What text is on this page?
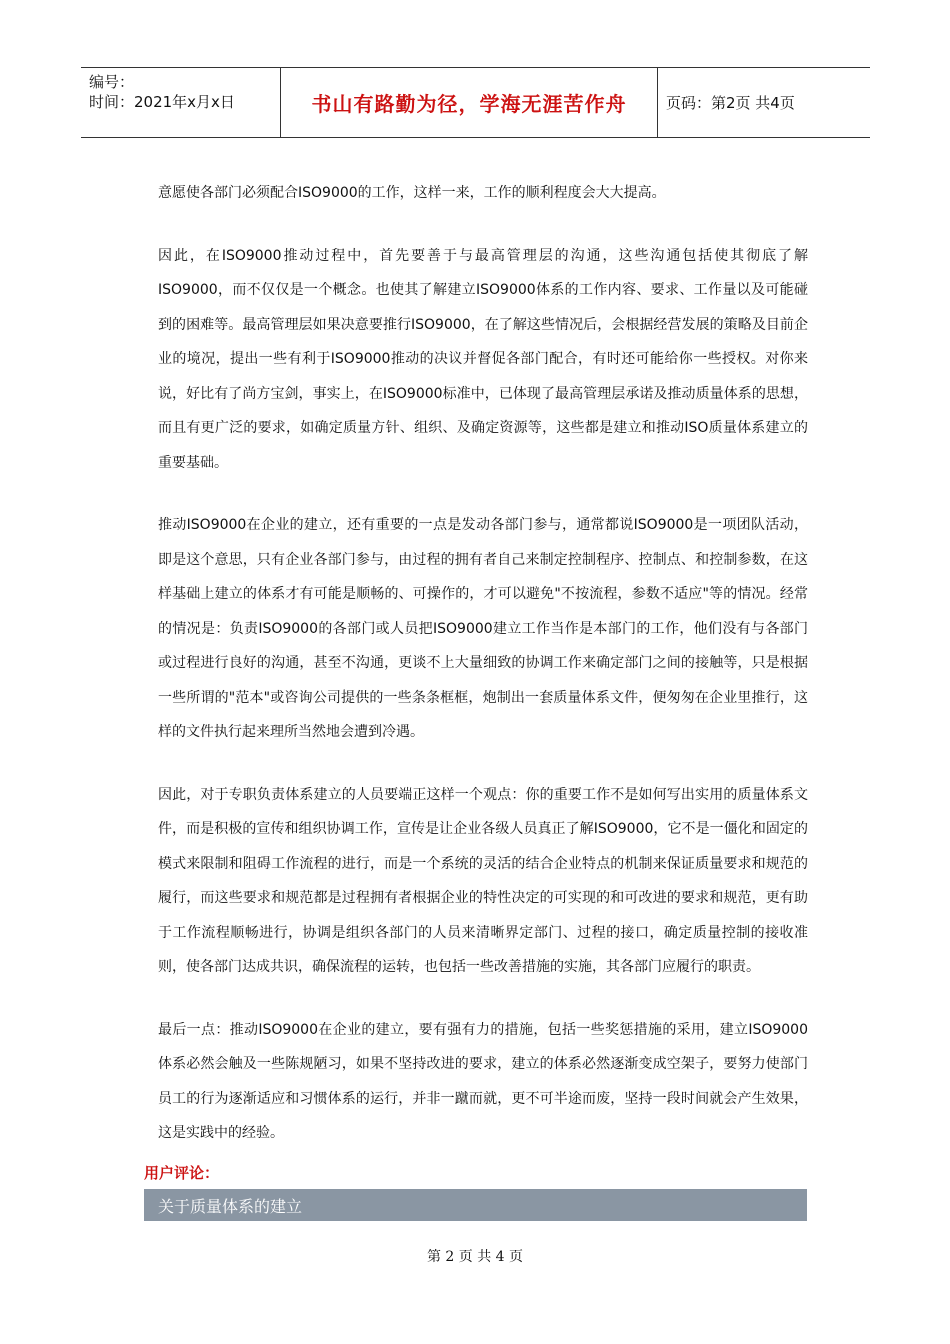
编号：
时间：2021年x月x日	书山有路勤为径，学海无涯苦作舟	页码：第2页 共4页

意愿使各部门必须配合ISO9000的工作，这样一来，工作的顺利程度会大大提高。

因此，在ISO9000推动过程中，首先要善于与最高管理层的沟通，这些沟通包括使其彻底了解ISO9000，而不仅仅是一个概念。也使其了解建立ISO9000体系的工作内容、要求、工作量以及可能碰到的困难等。最高管理层如果决意要推行ISO9000，在了解这些情况后，会根据经营发展的策略及目前企业的境况，提出一些有利于ISO9000推动的决议并督促各部门配合，有时还可能给你一些授权。对你来说，好比有了尚方宝剑，事实上，在ISO9000标准中，已体现了最高管理层承诺及推动质量体系的思想，而且有更广泛的要求，如确定质量方针、组织、及确定资源等，这些都是建立和推动ISO质量体系建立的重要基础。

推动ISO9000在企业的建立，还有重要的一点是发动各部门参与，通常都说ISO9000是一项团队活动，即是这个意思，只有企业各部门参与，由过程的拥有者自己来制定控制程序、控制点、和控制参数，在这样基础上建立的体系才有可能是顺畅的、可操作的，才可以避免"不按流程，参数不适应"等的情况。经常的情况是：负责ISO9000的各部门或人员把ISO9000建立工作当作是本部门的工作，他们没有与各部门或过程进行良好的沟通，甚至不沟通，更谈不上大量细致的协调工作来确定部门之间的接触等，只是根据一些所谓的"范本"或咨询公司提供的一些条条框框，炮制出一套质量体系文件，便匆匆在企业里推行，这样的文件执行起来理所当然地会遭到冷遇。

因此，对于专职负责体系建立的人员要端正这样一个观点：你的重要工作不是如何写出实用的质量体系文件，而是积极的宣传和组织协调工作，宣传是让企业各级人员真正了解ISO9000，它不是一僵化和固定的模式来限制和阻碍工作流程的进行，而是一个系统的灵活的结合企业特点的机制来保证质量要求和规范的履行，而这些要求和规范都是过程拥有者根据企业的特性决定的可实现的和可改进的要求和规范，更有助于工作流程顺畅进行，协调是组织各部门的人员来清晰界定部门、过程的接口，确定质量控制的接收准则，使各部门达成共识，确保流程的运转，也包括一些改善措施的实施，其各部门应履行的职责。

最后一点：推动ISO9000在企业的建立，要有强有力的措施，包括一些奖惩措施的采用，建立ISO9000体系必然会触及一些陈规陋习，如果不坚持改进的要求，建立的体系必然逐渐变成空架子，要努力使部门员工的行为逐渐适应和习惯体系的运行，并非一蹴而就，更不可半途而废，坚持一段时间就会产生效果，这是实践中的经验。

用户评论：
关于质量体系的建立
第 2 页 共 4 页
